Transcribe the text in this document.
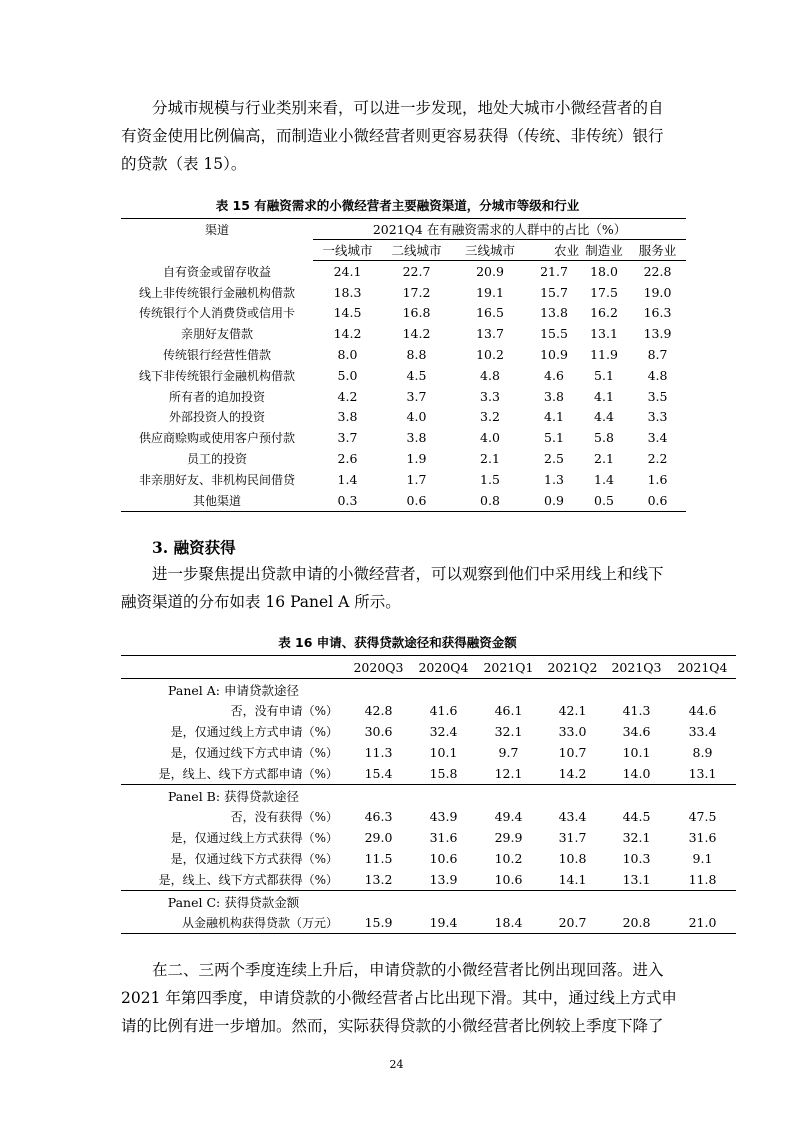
分城市规模与行业类别来看，可以进一步发现，地处大城市小微经营者的自
有资金使用比例偏高，而制造业小微经营者则更容易获得（传统、非传统）银行
的贷款（表 15）。
表 15 有融资需求的小微经营者主要融资渠道，分城市等级和行业
渠道	2021Q4 在有融资需求的人群中的占比（%）					
	一线城市	二线城市	三线城市	农业	制造业	服务业
自有资金或留存收益	24.1	22.7	20.9	21.7	18.0	22.8
线上非传统银行金融机构借款	18.3	17.2	19.1	15.7	17.5	19.0
传统银行个人消费贷或信用卡	14.5	16.8	16.5	13.8	16.2	16.3
亲朋好友借款	14.2	14.2	13.7	15.5	13.1	13.9
传统银行经营性借款	8.0	8.8	10.2	10.9	11.9	8.7
线下非传统银行金融机构借款	5.0	4.5	4.8	4.6	5.1	4.8
所有者的追加投资	4.2	3.7	3.3	3.8	4.1	3.5
外部投资人的投资	3.8	4.0	3.2	4.1	4.4	3.3
供应商赊购或使用客户预付款	3.7	3.8	4.0	5.1	5.8	3.4
员工的投资	2.6	1.9	2.1	2.5	2.1	2.2
非亲朋好友、非机构民间借贷	1.4	1.7	1.5	1.3	1.4	1.6
其他渠道	0.3	0.6	0.8	0.9	0.5	0.6
3. 融资获得
进一步聚焦提出贷款申请的小微经营者，可以观察到他们中采用线上和线下
融资渠道的分布如表 16 Panel A 所示。
表 16 申请、获得贷款途径和获得融资金额
	2020Q3	2020Q4	2021Q1	2021Q2	2021Q3	2021Q4
Panel A: 申请贷款途径						
否，没有申请（%）	42.8	41.6	46.1	42.1	41.3	44.6
是，仅通过线上方式申请（%）	30.6	32.4	32.1	33.0	34.6	33.4
是，仅通过线下方式申请（%）	11.3	10.1	9.7	10.7	10.1	8.9
是，线上、线下方式都申请（%）	15.4	15.8	12.1	14.2	14.0	13.1
Panel B: 获得贷款途径						
否，没有获得（%）	46.3	43.9	49.4	43.4	44.5	47.5
是，仅通过线上方式获得（%）	29.0	31.6	29.9	31.7	32.1	31.6
是，仅通过线下方式获得（%）	11.5	10.6	10.2	10.8	10.3	9.1
是，线上、线下方式都获得（%）	13.2	13.9	10.6	14.1	13.1	11.8
Panel C: 获得贷款金额						
从金融机构获得贷款（万元）	15.9	19.4	18.4	20.7	20.8	21.0
在二、三两个季度连续上升后，申请贷款的小微经营者比例出现回落。进入
2021 年第四季度，申请贷款的小微经营者占比出现下滑。其中，通过线上方式申
请的比例有进一步增加。然而，实际获得贷款的小微经营者比例较上季度下降了
24
